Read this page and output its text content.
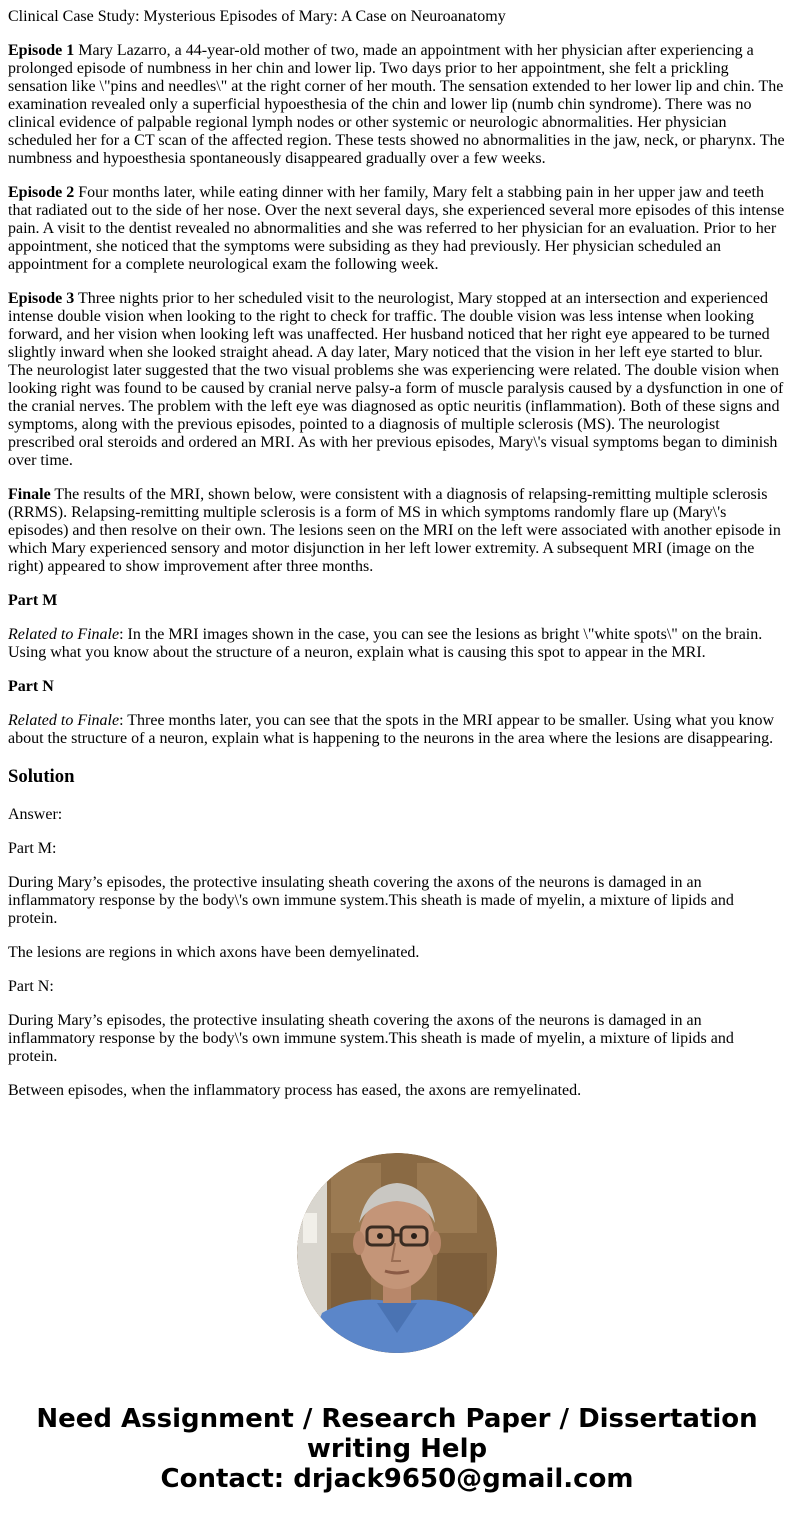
Clinical Case Study: Mysterious Episodes of Mary: A Case on Neuroanatomy

Episode 1 Mary Lazarro, a 44-year-old mother of two, made an appointment with her physician after experiencing a prolonged episode of numbness in her chin and lower lip. Two days prior to her appointment, she felt a prickling sensation like \"pins and needles\" at the right corner of her mouth. The sensation extended to her lower lip and chin. The examination revealed only a superficial hypoesthesia of the chin and lower lip (numb chin syndrome). There was no clinical evidence of palpable regional lymph nodes or other systemic or neurologic abnormalities. Her physician scheduled her for a CT scan of the affected region. These tests showed no abnormalities in the jaw, neck, or pharynx. The numbness and hypoesthesia spontaneously disappeared gradually over a few weeks.

Episode 2 Four months later, while eating dinner with her family, Mary felt a stabbing pain in her upper jaw and teeth that radiated out to the side of her nose. Over the next several days, she experienced several more episodes of this intense pain. A visit to the dentist revealed no abnormalities and she was referred to her physician for an evaluation. Prior to her appointment, she noticed that the symptoms were subsiding as they had previously. Her physician scheduled an appointment for a complete neurological exam the following week.

Episode 3 Three nights prior to her scheduled visit to the neurologist, Mary stopped at an intersection and experienced intense double vision when looking to the right to check for traffic. The double vision was less intense when looking forward, and her vision when looking left was unaffected. Her husband noticed that her right eye appeared to be turned slightly inward when she looked straight ahead. A day later, Mary noticed that the vision in her left eye started to blur. The neurologist later suggested that the two visual problems she was experiencing were related. The double vision when looking right was found to be caused by cranial nerve palsy-a form of muscle paralysis caused by a dysfunction in one of the cranial nerves. The problem with the left eye was diagnosed as optic neuritis (inflammation). Both of these signs and symptoms, along with the previous episodes, pointed to a diagnosis of multiple sclerosis (MS). The neurologist prescribed oral steroids and ordered an MRI. As with her previous episodes, Mary\'s visual symptoms began to diminish over time.

Finale The results of the MRI, shown below, were consistent with a diagnosis of relapsing-remitting multiple sclerosis (RRMS). Relapsing-remitting multiple sclerosis is a form of MS in which symptoms randomly flare up (Mary\'s episodes) and then resolve on their own. The lesions seen on the MRI on the left were associated with another episode in which Mary experienced sensory and motor disjunction in her left lower extremity. A subsequent MRI (image on the right) appeared to show improvement after three months.

Part M

Related to Finale: In the MRI images shown in the case, you can see the lesions as bright \"white spots\" on the brain. Using what you know about the structure of a neuron, explain what is causing this spot to appear in the MRI.

Part N

Related to Finale: Three months later, you can see that the spots in the MRI appear to be smaller. Using what you know about the structure of a neuron, explain what is happening to the neurons in the area where the lesions are disappearing.

Solution

Answer:

Part M:

During Mary’s episodes, the protective insulating sheath covering the axons of the neurons is damaged in an inflammatory response by the body\'s own immune system.This sheath is made of myelin, a mixture of lipids and protein.

The lesions are regions in which axons have been demyelinated.

Part N:

During Mary’s episodes, the protective insulating sheath covering the axons of the neurons is damaged in an inflammatory response by the body\'s own immune system.This sheath is made of myelin, a mixture of lipids and protein.

Between episodes, when the inflammatory process has eased, the axons are remyelinated.

Need Assignment / Research Paper / Dissertation
writing Help
Contact: drjack9650@gmail.com
